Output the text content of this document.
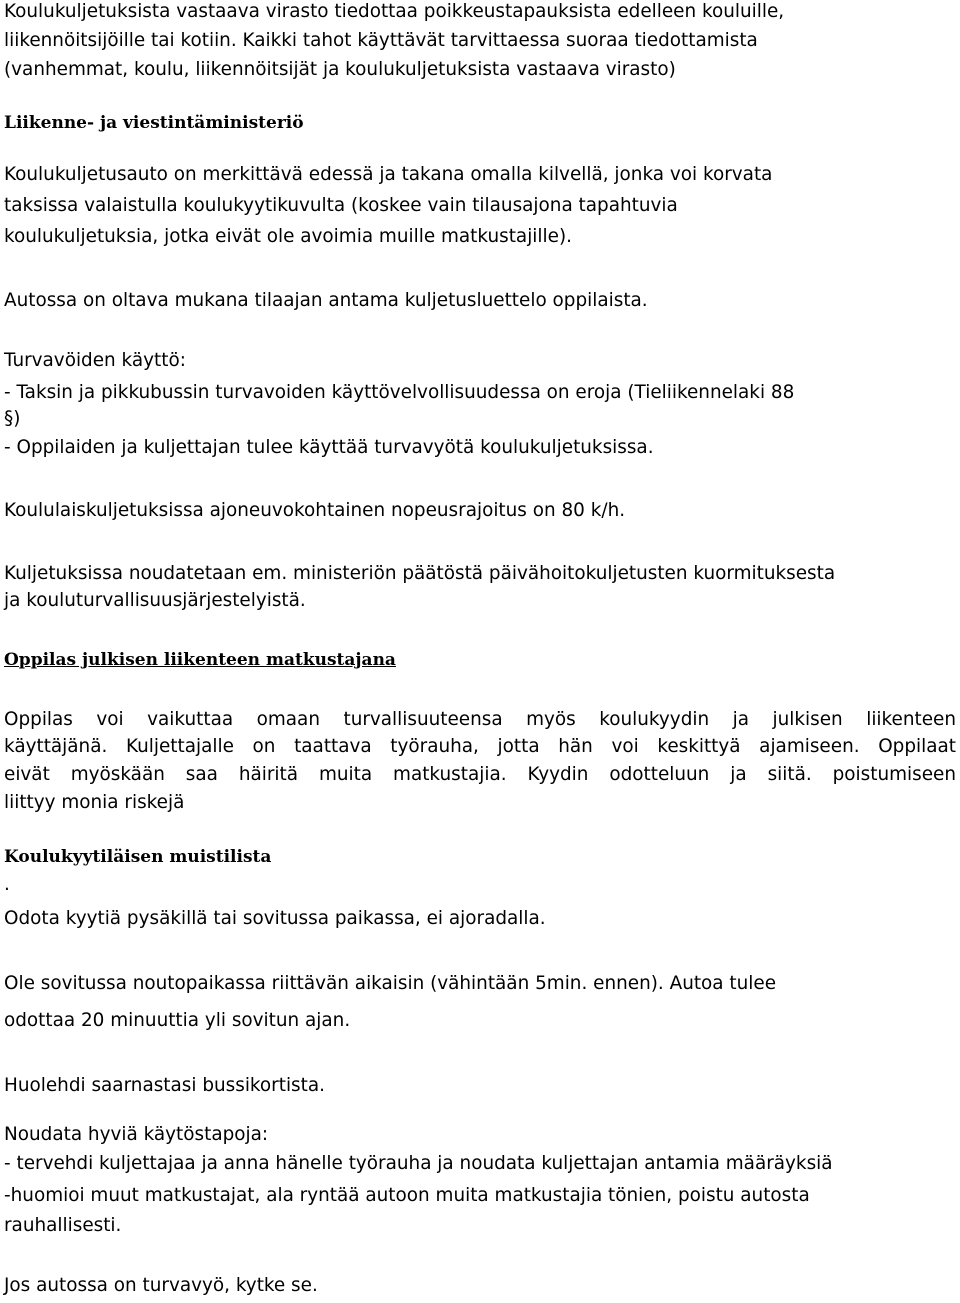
Koulukuljetuksista vastaava virasto tiedottaa poikkeustapauksista edelleen kouluille,

liikennöitsijöille tai kotiin. Kaikki tahot käyttävät tarvittaessa suoraa tiedottamista

(vanhemmat, koulu, liikennöitsijät ja koulukuljetuksista vastaava virasto)

Liikenne- ja viestintäministeriö

Koulukuljetusauto on merkittävä edessä ja takana omalla kilvellä, jonka voi korvata

taksissa valaistulla koulukyytikuvulta (koskee vain tilausajona tapahtuvia

koulukuljetuksia, jotka eivät ole avoimia muille matkustajille).

Autossa on oltava mukana tilaajan antama kuljetusluettelo oppilaista.

Turvavöiden käyttö:

- Taksin ja pikkubussin turvavoiden käyttövelvollisuudessa on eroja (Tieliikennelaki 88

§)

- Oppilaiden ja kuljettajan tulee käyttää turvavyötä koulukuljetuksissa.

Koululaiskuljetuksissa ajoneuvokohtainen nopeusrajoitus on 80 k/h.

Kuljetuksissa noudatetaan em. ministeriön päätöstä päivähoitokuljetusten kuormituksesta

ja kouluturvallisuusjärjestelyistä.

Oppilas julkisen liikenteen matkustajana

Oppilas voi vaikuttaa omaan turvallisuuteensa myös koulukyydin ja julkisen liikenteen

käyttäjänä. Kuljettajalle on taattava työrauha, jotta hän voi keskittyä ajamiseen. Oppilaat

eivät myöskään saa häiritä muita matkustajia. Kyydin odotteluun ja siitä. poistumiseen

liittyy monia riskejä

Koulukyytiläisen muistilista

.

Odota kyytiä pysäkillä tai sovitussa paikassa, ei ajoradalla.

Ole sovitussa noutopaikassa riittävän aikaisin (vähintään 5min. ennen). Autoa tulee

odottaa 20 minuuttia yli sovitun ajan.

Huolehdi saarnastasi bussikortista.

Noudata hyviä käytöstapoja:

- tervehdi kuljettajaa ja anna hänelle työrauha ja noudata kuljettajan antamia määräyksiä

-huomioi muut matkustajat, ala ryntää autoon muita matkustajia tönien, poistu autosta

rauhallisesti.

Jos autossa on turvavyö, kytke se.
